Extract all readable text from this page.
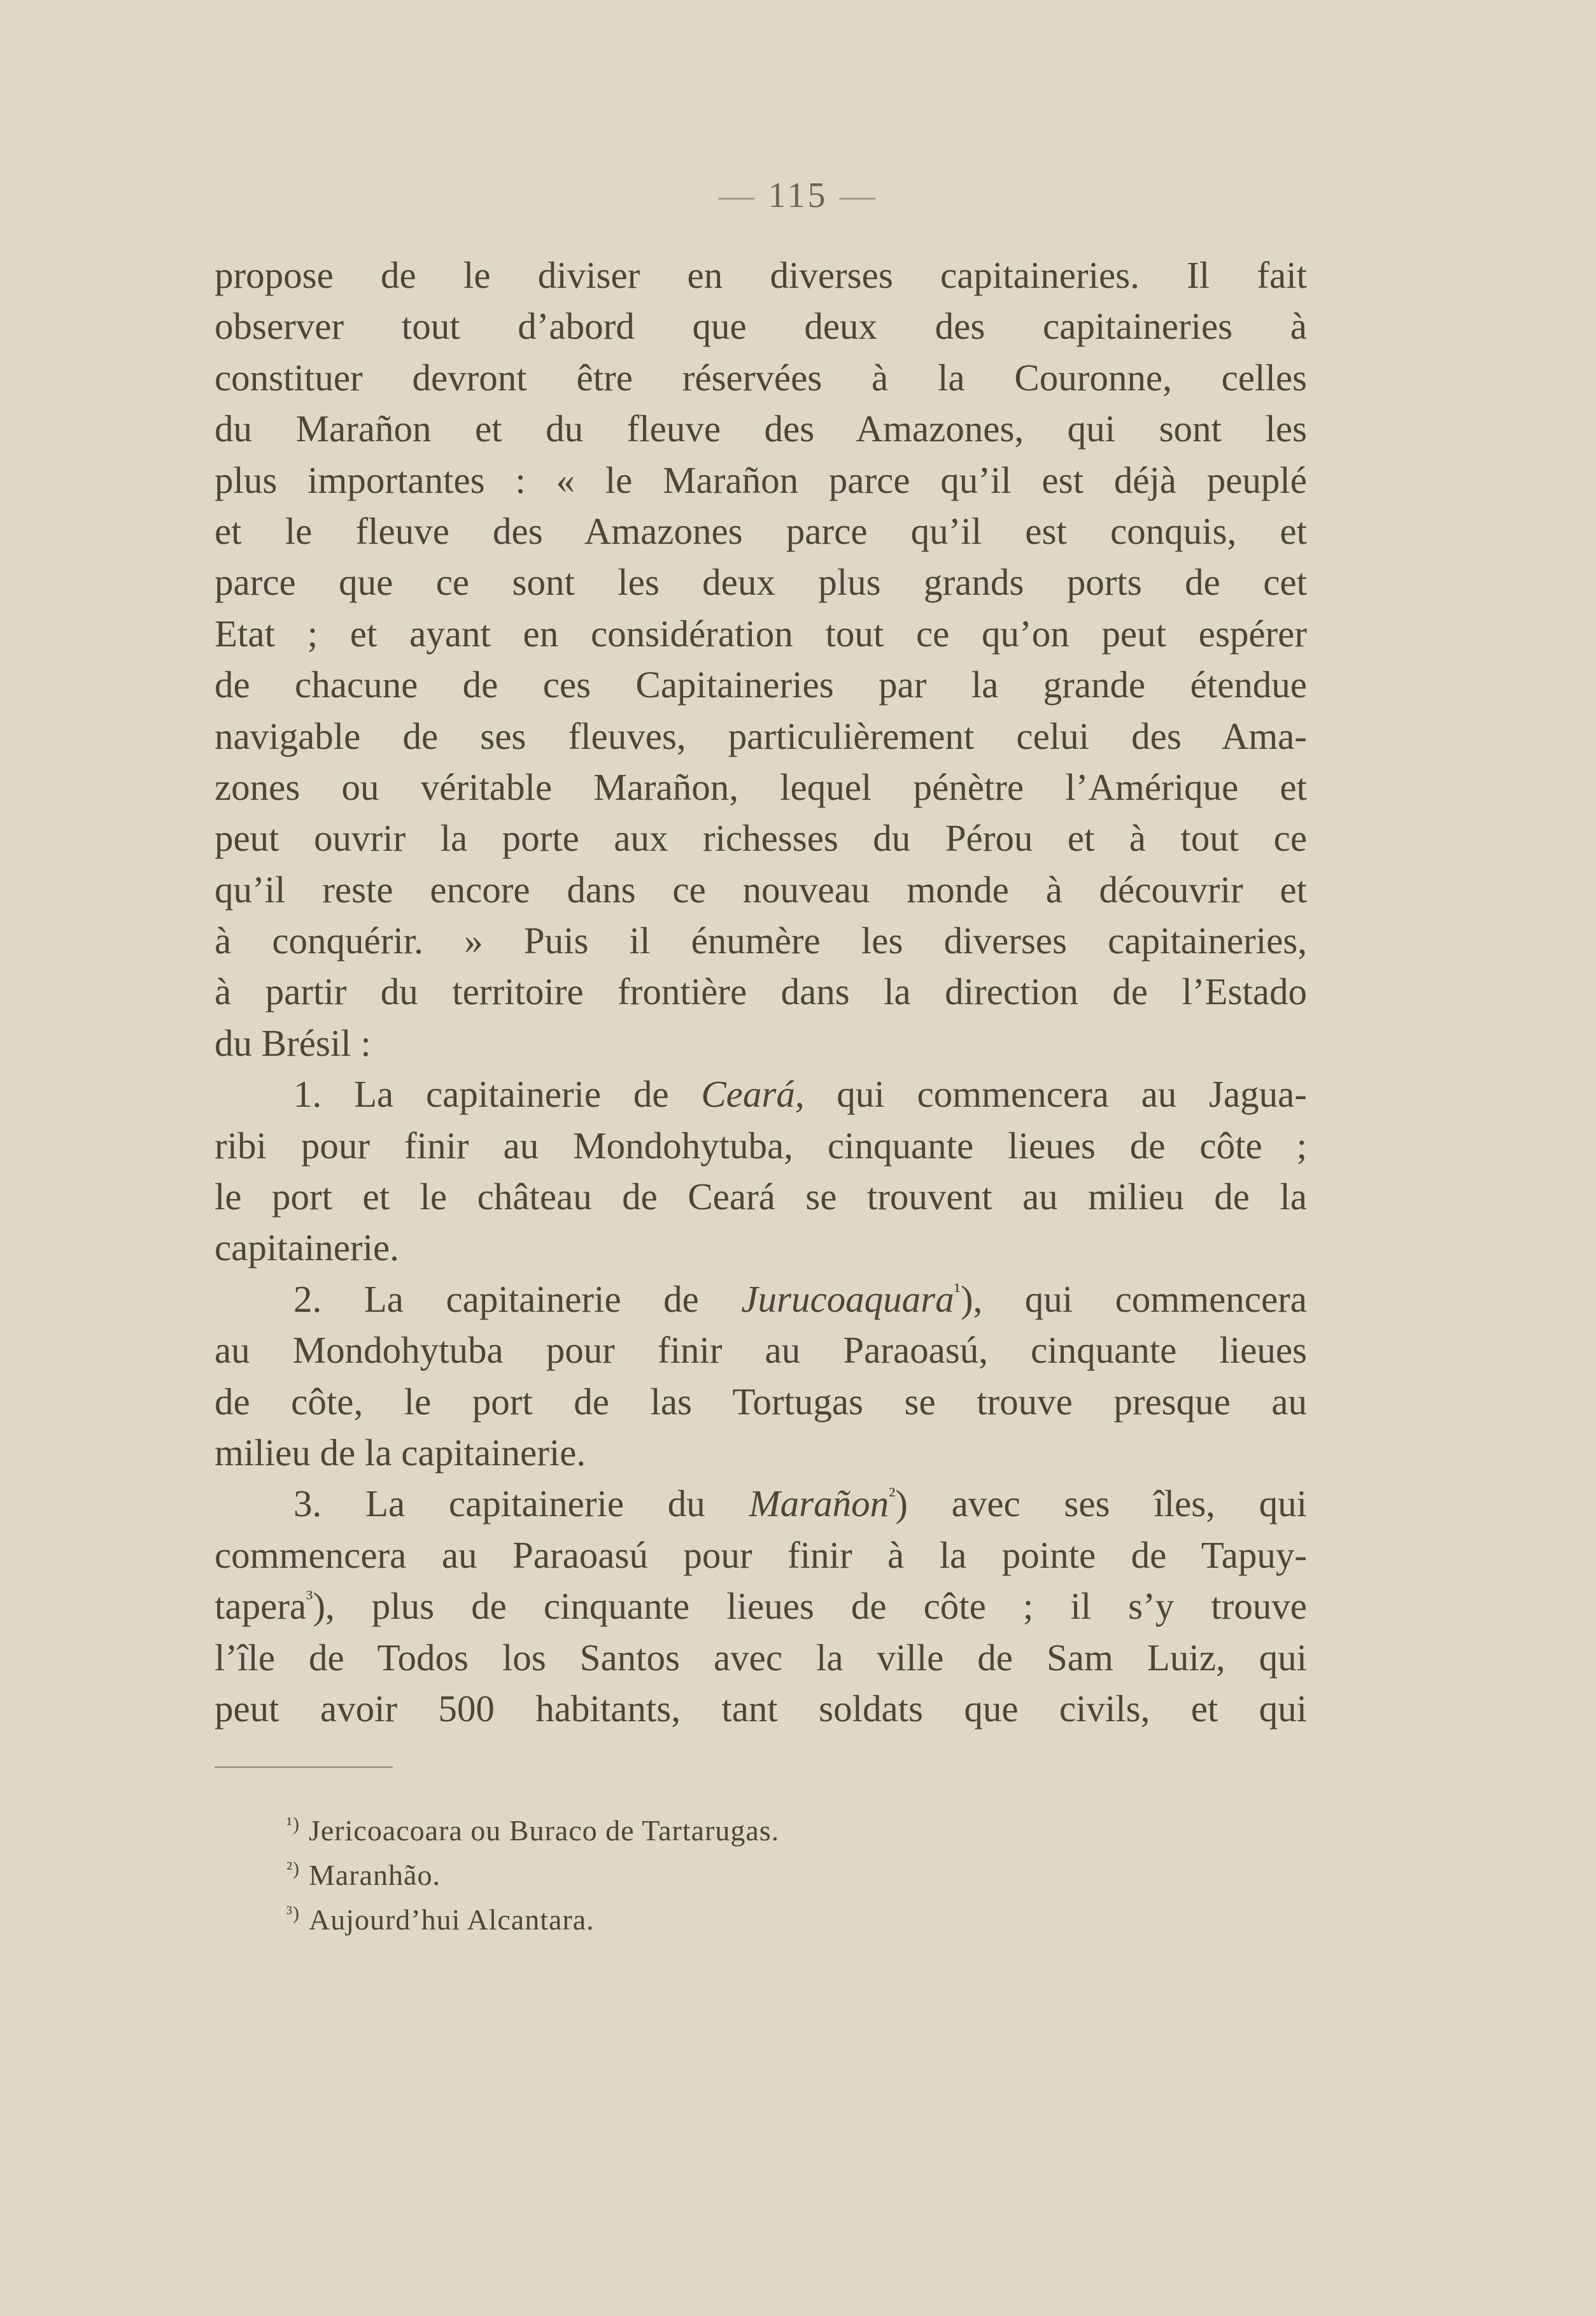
— 115 —
propose de le diviser en diverses capitaineries. Il fait
observer tout d’abord que deux des capitaineries à
constituer devront être réservées à la Couronne, celles
du Marañon et du fleuve des Amazones, qui sont les
plus importantes : « le Marañon parce qu’il est déjà peuplé
et le fleuve des Amazones parce qu’il est conquis, et
parce que ce sont les deux plus grands ports de cet
Etat ; et ayant en considération tout ce qu’on peut espérer
de chacune de ces Capitaineries par la grande étendue
navigable de ses fleuves, particulièrement celui des Ama-
zones ou véritable Marañon, lequel pénètre l’Amérique et
peut ouvrir la porte aux richesses du Pérou et à tout ce
qu’il reste encore dans ce nouveau monde à découvrir et
à conquérir. » Puis il énumère les diverses capitaineries,
à partir du territoire frontière dans la direction de l’Estado
du Brésil :
1. La capitainerie de Ceará, qui commencera au Jagua-
ribi pour finir au Mondohytuba, cinquante lieues de côte ;
le port et le château de Ceará se trouvent au milieu de la
capitainerie.
2. La capitainerie de Jurucoaquara$^{^1}$), qui commencera
au Mondohytuba pour finir au Paraoasú, cinquante lieues
de côte, le port de las Tortugas se trouve presque au
milieu de la capitainerie.
3. La capitainerie du Marañon$^{^2}$) avec ses îles, qui
commencera au Paraoasú pour finir à la pointe de Tapuy-
tapera$^{^3}$), plus de cinquante lieues de côte ; il s’y trouve
l’île de Todos los Santos avec la ville de Sam Luiz, qui
peut avoir 500 habitants, tant soldats que civils, et qui
$^{^1)}$ Jericoacoara ou Buraco de Tartarugas.
$^{^2)}$ Maranhão.
$^{^3)}$ Aujourd’hui Alcantara.
